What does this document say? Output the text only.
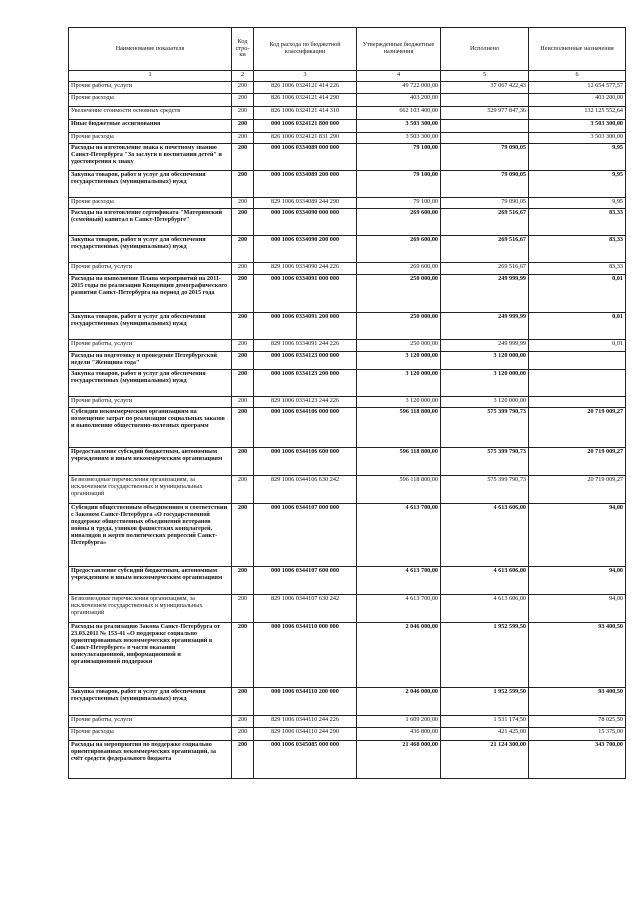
Наименование показателя	Код стро-ки	Код расхода по бюджетной классификации	Утвержденные бюджетные назначения	Исполнено	Неисполненные назначения
1	2	3	4	5	6
Прочие работы, услуги	200	826 1006 0324121 414 226	49 722 000,00	37 067 422,43	12 654 577,57
Прочие расходы	200	826 1006 0324121 414 290	403 200,00		403 200,00
Увеличение стоимости основных средств	200	826 1006 0324121 414 310	662 103 400,00	529 977 847,36	132 125 552,64
Иные бюджетные ассигнования	200	000 1006 0324121 800 000	3 503 300,00		3 503 300,00
Прочие расходы	200	826 1006 0324121 831 290	3 503 300,00		3 503 300,00
Расходы на изготовление знака к почетному званию Санкт-Петербурга "За заслуги в воспитании детей" и удостоверения к знаку	200	000 1006 0334089 000 000	79 100,00	79 090,05	9,95
Закупка товаров, работ и услуг для обеспечения государственных (муниципальных) нужд	200	000 1006 0334089 200 000	79 100,00	79 090,05	9,95
Прочие расходы	200	829 1006 0334089 244 290	79 100,00	79 090,05	9,95
Расходы на изготовление сертификата "Материнский (семейный) капитал в Санкт-Петербурге"	200	000 1006 0334090 000 000	269 600,00	269 516,67	83,33
Закупка товаров, работ и услуг для обеспечения государственных (муниципальных) нужд	200	000 1006 0334090 200 000	269 600,00	269 516,67	83,33
Прочие работы, услуги	200	829 1006 0334090 244 226	269 600,00	269 516,67	83,33
Расходы на выполнение Плана мероприятий на 2011-2015 годы по реализации Концепции демографического развития Санкт-Петербурга на период до 2015 года	200	000 1006 0334091 000 000	250 000,00	249 999,99	0,01
Закупка товаров, работ и услуг для обеспечения государственных (муниципальных) нужд	200	000 1006 0334091 200 000	250 000,00	249 999,99	0,01
Прочие работы, услуги	200	829 1006 0334091 244 226	250 000,00	249 999,99	0,01
Расходы на подготовку и проведение Петербургской недели "Женщина года"	200	000 1006 0334123 000 000	3 120 000,00	3 120 000,00	
Закупка товаров, работ и услуг для обеспечения государственных (муниципальных) нужд	200	000 1006 0334123 200 000	3 120 000,00	3 120 000,00	
Прочие работы, услуги	200	829 1006 0334123 244 226	3 120 000,00	3 120 000,00	
Субсидии некоммерческим организациям на возмещение затрат по реализации социальных заказов и выполнению общественно-полезных программ	200	000 1006 0344106 000 000	596 118 800,00	575 399 790,73	20 719 009,27
Предоставление субсидий бюджетным, автономным учреждениям и иным некоммерческим организациям	200	000 1006 0344106 600 000	596 118 800,00	575 399 790,73	20 719 009,27
Безвозмездные перечисления организациям, за исключением государственных и муниципальных организаций	200	829 1006 0344106 630 242	596 118 800,00	575 399 790,73	20 719 009,27
Субсидии общественным объединениям в соответствии с Законом Санкт-Петербурга «О государственной поддержке общественных объединений ветеранов войны и труда, узников фашистских концлагерей, инвалидов и жертв политических репрессий Санкт-Петербурга»	200	000 1006 0344107 000 000	4 613 700,00	4 613 606,00	94,00
Предоставление субсидий бюджетным, автономным учреждениям и иным некоммерческим организациям	200	000 1006 0344107 600 000	4 613 700,00	4 613 606,00	94,00
Безвозмездные перечисления организациям, за исключением государственных и муниципальных организаций	200	829 1006 0344107 630 242	4 613 700,00	4 613 606,00	94,00
Расходы на реализацию Закона Санкт-Петербурга от 23.03.2011 № 153-41 «О поддержке социально ориентированных некоммерческих организаций в Санкт-Петербурге» в части оказания консультационной, информационной и организационной поддержки	200	000 1006 0344110 000 000	2 046 000,00	1 952 599,50	93 400,50
Закупка товаров, работ и услуг для обеспечения государственных (муниципальных) нужд	200	000 1006 0344110 200 000	2 046 000,00	1 952 599,50	93 400,50
Прочие работы, услуги	200	829 1006 0344110 244 226	1 609 200,00	1 531 174,50	78 025,50
Прочие расходы	200	829 1006 0344110 244 290	436 800,00	421 425,00	15 375,00
Расходы на мероприятия по поддержке социально ориентированных некоммерческих организаций, за счёт средств федерального бюджета	200	000 1006 0345085 000 000	21 468 000,00	21 124 300,00	343 700,00
